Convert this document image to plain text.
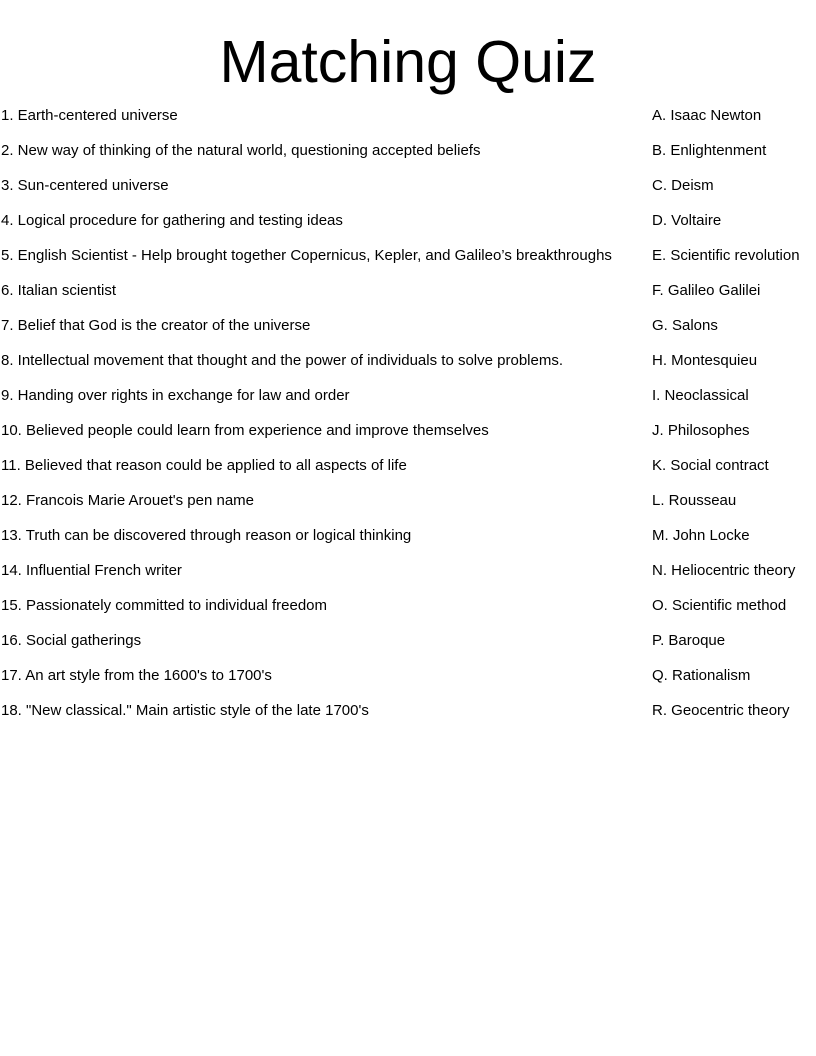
Matching Quiz
1. Earth-centered universe	A. Isaac Newton
2. New way of thinking of the natural world, questioning accepted beliefs	B. Enlightenment
3. Sun-centered universe	C. Deism
4. Logical procedure for gathering and testing ideas	D. Voltaire
5. English Scientist - Help brought together Copernicus, Kepler, and Galileo’s breakthroughs	E. Scientific revolution
6. Italian scientist	F. Galileo Galilei
7. Belief that God is the creator of the universe	G. Salons
8. Intellectual movement that thought and the power of individuals to solve problems.	H. Montesquieu
9. Handing over rights in exchange for law and order	I. Neoclassical
10. Believed people could learn from experience and improve themselves	J. Philosophes
11. Believed that reason could be applied to all aspects of life	K. Social contract
12. Francois Marie Arouet's pen name	L. Rousseau
13. Truth can be discovered through reason or logical thinking	M. John Locke
14. Influential French writer	N. Heliocentric theory
15. Passionately committed to individual freedom	O. Scientific method
16. Social gatherings	P. Baroque
17. An art style from the 1600's to 1700's	Q. Rationalism
18. "New classical." Main artistic style of the late 1700's	R. Geocentric theory
